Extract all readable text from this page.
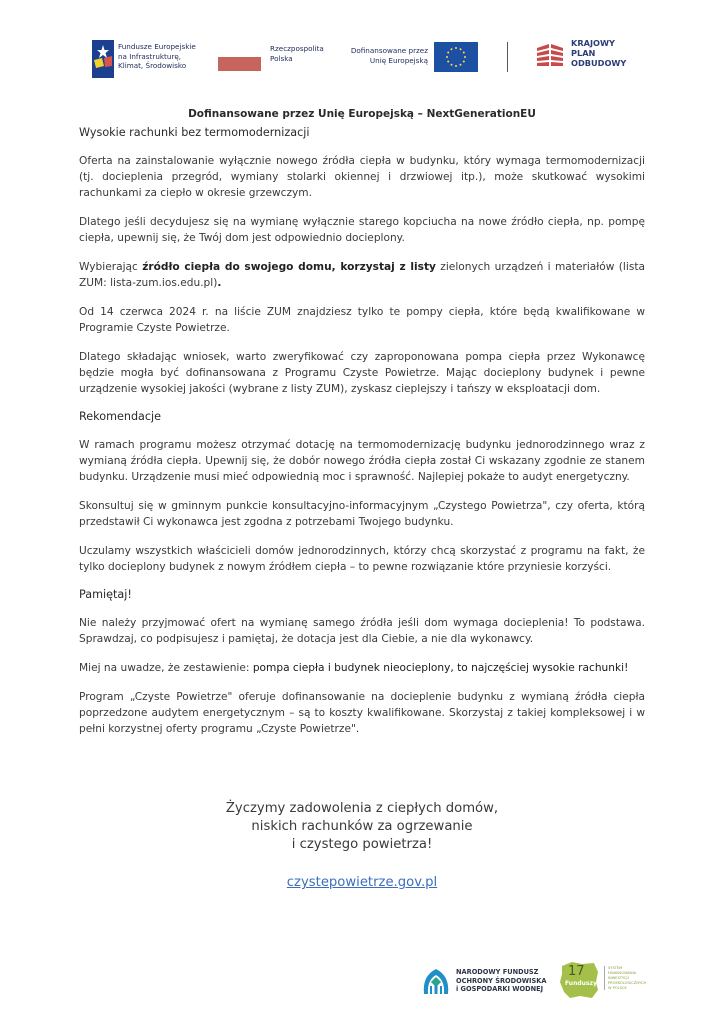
Fundusze Europejskie
na Infrastrukturę,
Klimat, Środowisko
Rzeczpospolita
Polska
Dofinansowane przez
Unię Europejską
KRAJOWY
PLAN
ODBUDOWY
Dofinansowane przez Unię Europejską – NextGenerationEU
Wysokie rachunki bez termomodernizacji

Oferta na zainstalowanie wyłącznie nowego źródła ciepła w budynku, który wymaga termomodernizacji (tj. docieplenia przegród, wymiany stolarki okiennej i drzwiowej itp.), może skutkować wysokimi rachunkami za ciepło w okresie grzewczym.

Dlatego jeśli decydujesz się na wymianę wyłącznie starego kopciucha na nowe źródło ciepła, np. pompę ciepła, upewnij się, że Twój dom jest odpowiednio docieplony.

Wybierając źródło ciepła do swojego domu, korzystaj z listy zielonych urządzeń i materiałów (lista ZUM: lista-zum.ios.edu.pl).

Od 14 czerwca 2024 r. na liście ZUM znajdziesz tylko te pompy ciepła, które będą kwalifikowane w Programie Czyste Powietrze.

Dlatego składając wniosek, warto zweryfikować czy zaproponowana pompa ciepła przez Wykonawcę będzie mogła być dofinansowana z Programu Czyste Powietrze. Mając docieplony budynek i pewne urządzenie wysokiej jakości (wybrane z listy ZUM), zyskasz cieplejszy i tańszy w eksploatacji dom.

Rekomendacje

W ramach programu możesz otrzymać dotację na termomodernizację budynku jednorodzinnego wraz z wymianą źródła ciepła. Upewnij się, że dobór nowego źródła ciepła został Ci wskazany zgodnie ze stanem budynku. Urządzenie musi mieć odpowiednią moc i sprawność. Najlepiej pokaże to audyt energetyczny.

Skonsultuj się w gminnym punkcie konsultacyjno-informacyjnym „Czystego Powietrza", czy oferta, którą przedstawił Ci wykonawca jest zgodna z potrzebami Twojego budynku.

Uczulamy wszystkich właścicieli domów jednorodzinnych, którzy chcą skorzystać z programu na fakt, że tylko docieplony budynek z nowym źródłem ciepła – to pewne rozwiązanie które przyniesie korzyści.

Pamiętaj!

Nie należy przyjmować ofert na wymianę samego źródła jeśli dom wymaga docieplenia! To podstawa. Sprawdzaj, co podpisujesz i pamiętaj, że dotacja jest dla Ciebie, a nie dla wykonawcy.

Miej na uwadze, że zestawienie: pompa ciepła i budynek nieocieplony, to najczęściej wysokie rachunki!

Program „Czyste Powietrze" oferuje dofinansowanie na docieplenie budynku z wymianą źródła ciepła poprzedzone audytem energetycznym – są to koszty kwalifikowane. Skorzystaj z takiej kompleksowej i w pełni korzystnej oferty programu „Czyste Powietrze".

Życzymy zadowolenia z ciepłych domów,
niskich rachunków za ogrzewanie
i czystego powietrza!
czystepowietrze.gov.pl
NARODOWY FUNDUSZ
OCHRONY ŚRODOWISKA
i GOSPODARKI WODNEJ
17
Funduszy
SYSTEM
FINANSOWANIA
INWESTYCJI
PROEKOLOGICZNYCH
W POLSCE
